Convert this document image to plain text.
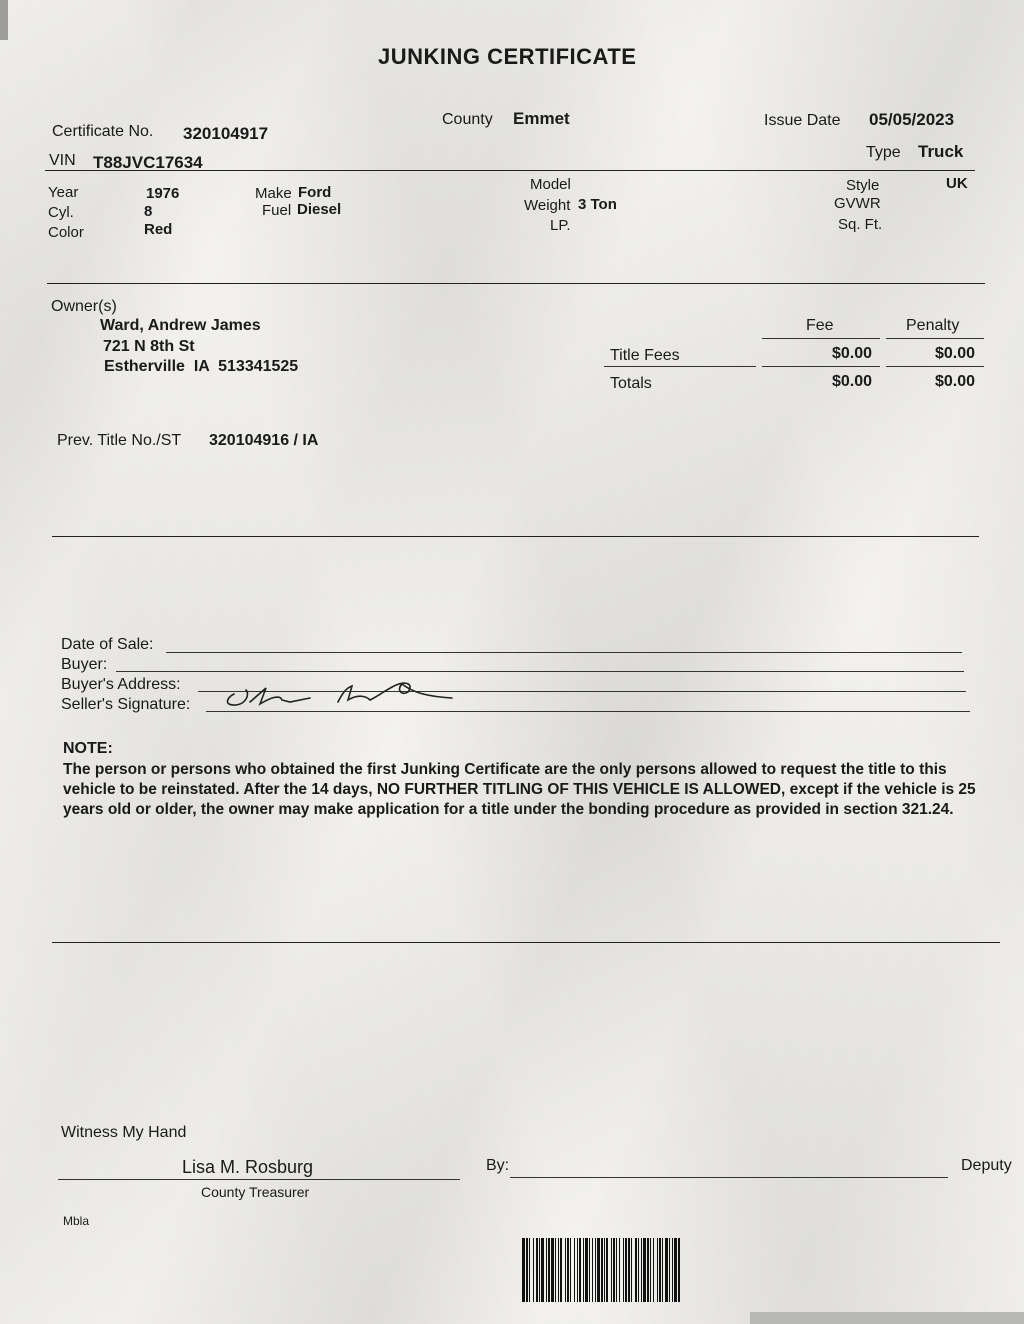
JUNKING CERTIFICATE
Certificate No. 320104917
County Emmet	Issue Date 05/05/2023
VIN T88JVC17634
Type Truck
Year	1976
Cyl.	8
Color	Red
Make Ford
Fuel Diesel
Model
Weight 3 Ton
LP.
Style	UK
GVWR
Sq. Ft.
Owner(s)
Ward, Andrew James
721 N 8th St
Estherville  IA  513341525
Fee	Penalty
Title Fees	$0.00	$0.00
Totals	$0.00	$0.00
Prev. Title No./ST 320104916 / IA
Date of Sale:
Buyer:
Buyer's Address:
Seller's Signature:
NOTE:
The person or persons who obtained the first Junking Certificate are the only persons allowed to request the title to this vehicle to be reinstated. After the 14 days, NO FURTHER TITLING OF THIS VEHICLE IS ALLOWED, except if the vehicle is 25 years old or older, the owner may make application for a title under the bonding procedure as provided in section 321.24.
Witness My Hand
Lisa M. Rosburg
County Treasurer
By:	Deputy
Mbla
